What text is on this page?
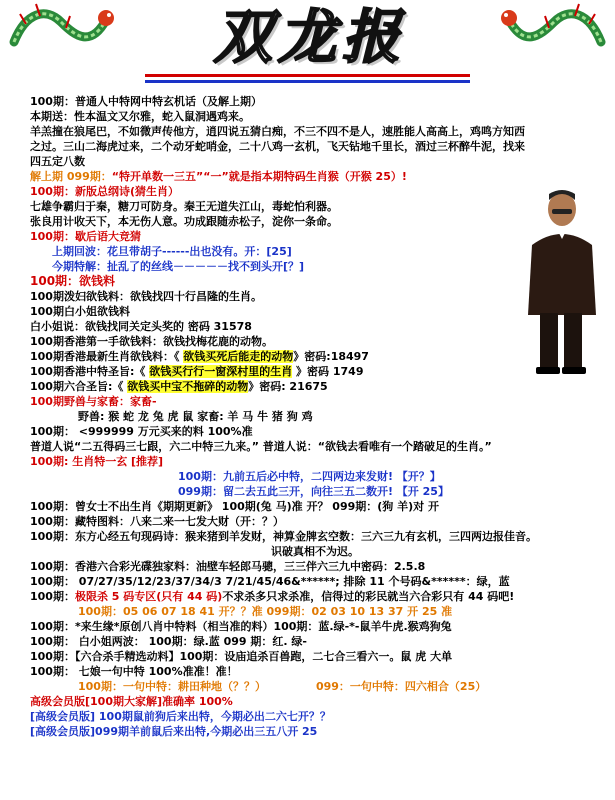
双龙报
100期：普通人中特网中特玄机话（及解上期）
本期送：性本温文又尔雅，蛇入鼠洞遇鸡来。
羊羔撞在狼尾巴，不如微声传他方，逍四说五猜白痴，不三不四不是人，速胜能人高高上，鸡鸣方知西
之过。三山二海虎过来，二个动牙蛇哨金，二十八鸡一玄机，飞天钻地千里长，酒过三杯醉牛泥，找来
四五定八数
解上期 099期：“特开单数一三五”“一”就是指本期特码生肖猴（开猴 25）!
100期：新版总纲诗(猜生肖）
七雄争霸归于秦，糖刀可防身。秦王无道失江山，毒蛇怕利器。
张良用计收天下，本无伤人意。功成跟随赤松子，淀你一条命。
100期：歇后语大竞猜
上期回波：花旦带胡子------出也没有。开：[25]
今期特解：扯乱了的丝线－－－－－找不到头开[？]
100期：欲钱料
100期泼妇欲钱料：欲钱找四十行昌隆的生肖。
100期白小姐欲钱料
白小姐说：欲钱找同关定头奖的 密码 31578
100期香港第一手欲钱料：欲钱找梅花鹿的动物。
100期香港最新生肖欲钱料：《 欲钱买死后能走的动物》密码:18497
100期香港中特圣旨:《 欲钱买行行一窗深村里的生肖 》密码 1749
100期六合圣旨:《 欲钱买中宝不拖碎的动物》密码: 21675
100期野兽与家畜：家畜-
野兽: 猴 蛇 龙 兔 虎 鼠 家畜: 羊 马 牛 猪 狗 鸡
100期： <999999 万元买来的料 100%准
普道人说“二五得码三七跟，六二中特三九来。” 普道人说：“欲钱去看唯有一个踏破足的生肖。”
100期: 生肖特一玄 [推荐]
100期：九前五后必中特，二四两边来发财! 【开？】
099期：留二去五此三开，向往三五二数开! 【开 25】
100期：曾女士不出生肖《期期更新》 100期(兔 马)准 开？ 099期：(狗 羊)对 开
100期：藏特图料：八来二来一七发大财（开：？）
100期：东方心经五句现码诗：猴来猪到羊发财，神算金牌玄空数：三六三九有玄机，三四两边报佳音。
识破真相不为迟。
100期：香港六合彩光碟独家料：油壁车轻郎马骢，三三伴六三九中密码：2.5.8
100期： 07/27/35/12/23/37/34/3 7/21/45/46&******; 排除 11 个号码&******：绿，蓝
100期：极限杀 5 码专区(只有 44 码)不求杀多只求杀准，信得过的彩民就当六合彩只有 44 码吧!
100期：05 06 07 18 41 开？？准 099期：02 03 10 13 37 开 25 准
100期：*来生缘*原创八肖中特料（相当准的料）100期：蓝.绿-*-鼠羊牛虎.猴鸡狗兔
100期： 白小姐两波： 100期：绿.蓝 099 期：红. 绿-
100期：【六合杀手精选动料】100期：设庙追杀百兽跑，二七合三看六一。鼠 虎 大单
100期： 七娘一句中特 100%准准！准！
100期：一句中特：耕田种地（？？）	099：一句中特：四六相合（25）
高级会员版[100期大家解]准确率 100%
[高级会员版] 100期鼠前狗后来出特，今期必出二六七开？？
[高级会员版]099期羊前鼠后来出特,今期必出三五八开 25
